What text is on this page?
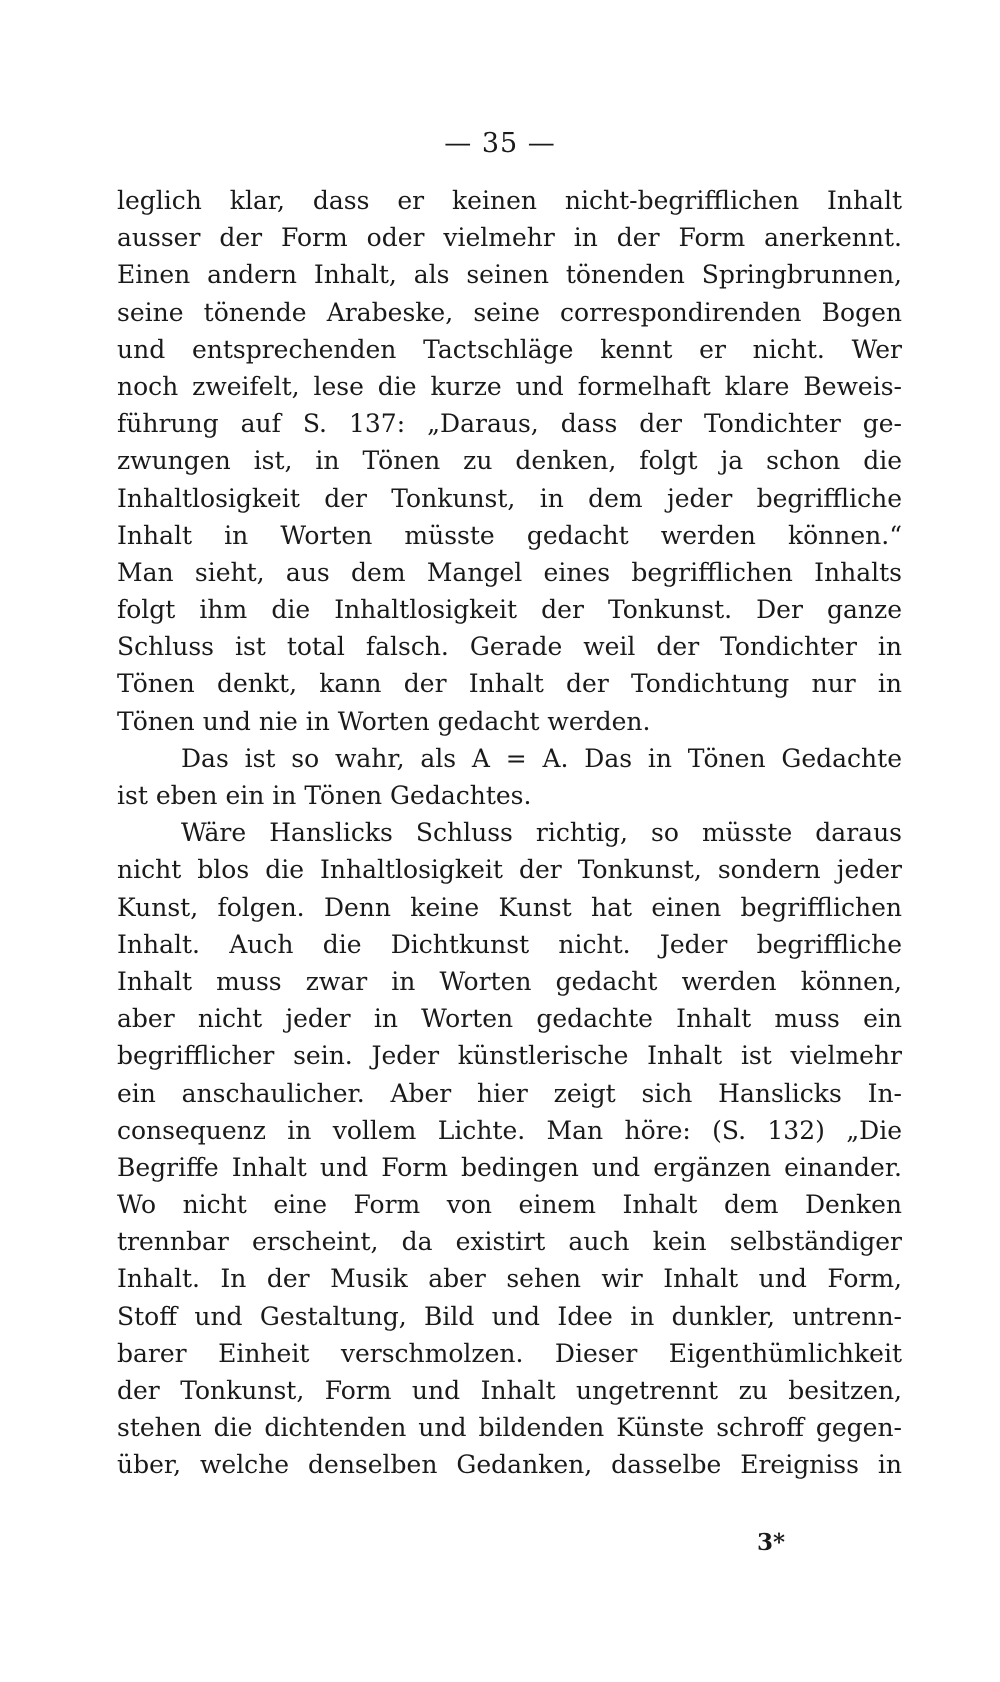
— 35 —
leglich klar, dass er keinen nicht-begrifflichen Inhalt
ausser der Form oder vielmehr in der Form anerkennt.
Einen andern Inhalt, als seinen tönenden Springbrunnen,
seine tönende Arabeske, seine correspondirenden Bogen
und entsprechenden Tactschläge kennt er nicht. Wer
noch zweifelt, lese die kurze und formelhaft klare Beweis-
führung auf S. 137: „Daraus, dass der Tondichter ge-
zwungen ist, in Tönen zu denken, folgt ja schon die
Inhaltlosigkeit der Tonkunst, in dem jeder begriffliche
Inhalt in Worten müsste gedacht werden können.“
Man sieht, aus dem Mangel eines begrifflichen Inhalts
folgt ihm die Inhaltlosigkeit der Tonkunst. Der ganze
Schluss ist total falsch. Gerade weil der Tondichter in
Tönen denkt, kann der Inhalt der Tondichtung nur in
Tönen und nie in Worten gedacht werden.
Das ist so wahr, als A = A. Das in Tönen Gedachte
ist eben ein in Tönen Gedachtes.
Wäre Hanslicks Schluss richtig, so müsste daraus
nicht blos die Inhaltlosigkeit der Tonkunst, sondern jeder
Kunst, folgen. Denn keine Kunst hat einen begrifflichen
Inhalt. Auch die Dichtkunst nicht. Jeder begriffliche
Inhalt muss zwar in Worten gedacht werden können,
aber nicht jeder in Worten gedachte Inhalt muss ein
begrifflicher sein. Jeder künstlerische Inhalt ist vielmehr
ein anschaulicher. Aber hier zeigt sich Hanslicks In-
consequenz in vollem Lichte. Man höre: (S. 132) „Die
Begriffe Inhalt und Form bedingen und ergänzen einander.
Wo nicht eine Form von einem Inhalt dem Denken
trennbar erscheint, da existirt auch kein selbständiger
Inhalt. In der Musik aber sehen wir Inhalt und Form,
Stoff und Gestaltung, Bild und Idee in dunkler, untrenn-
barer Einheit verschmolzen. Dieser Eigenthümlichkeit
der Tonkunst, Form und Inhalt ungetrennt zu besitzen,
stehen die dichtenden und bildenden Künste schroff gegen-
über, welche denselben Gedanken, dasselbe Ereigniss in
3*
